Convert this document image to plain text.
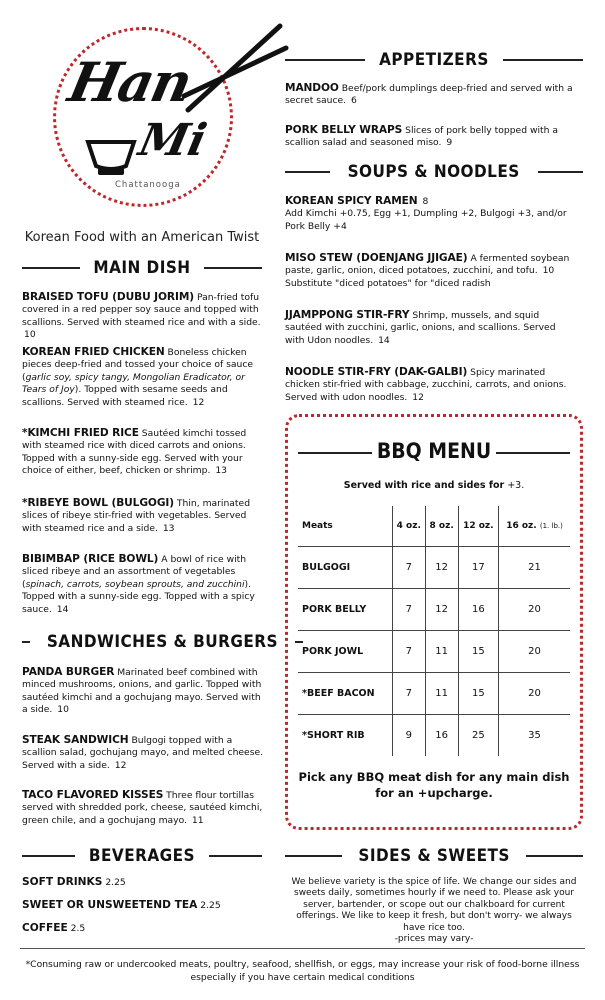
Han
Mi
Chattanooga
Korean Food with an American Twist
MAIN DISH
BRAISED TOFU (DUBU JORIM) Pan-fried tofu covered in a red pepper soy sauce and topped with scallions. Served with steamed rice and with a side. 10
KOREAN FRIED CHICKEN Boneless chicken pieces deep-fried and tossed your choice of sauce (garlic soy, spicy tangy, Mongolian Eradicator, or Tears of Joy). Topped with sesame seeds and scallions. Served with steamed rice. 12
*KIMCHI FRIED RICE Sautéed kimchi tossed with steamed rice with diced carrots and onions. Topped with a sunny-side egg. Served with your choice of either, beef, chicken or shrimp. 13
*RIBEYE BOWL (BULGOGI) Thin, marinated slices of ribeye stir-fried with vegetables. Served with steamed rice and a side. 13
BIBIMBAP (RICE BOWL) A bowl of rice with sliced ribeye and an assortment of vegetables (spinach, carrots, soybean sprouts, and zucchini). Topped with a sunny-side egg. Topped with a spicy sauce. 14
SANDWICHES & BURGERS
PANDA BURGER Marinated beef combined with minced mushrooms, onions, and garlic. Topped with sautéed kimchi and a gochujang mayo. Served with a side. 10
STEAK SANDWICH Bulgogi topped with a scallion salad, gochujang mayo, and melted cheese. Served with a side. 12
TACO FLAVORED KISSES Three flour tortillas served with shredded pork, cheese, sautéed kimchi, green chile, and a gochujang mayo. 11
BEVERAGES
SOFT DRINKS 2.25
SWEET OR UNSWEETEND TEA 2.25
COFFEE 2.5
APPETIZERS
MANDOO Beef/pork dumplings deep-fried and served with a secret sauce. 6
PORK BELLY WRAPS Slices of pork belly topped with a scallion salad and seasoned miso. 9
SOUPS & NOODLES
KOREAN SPICY RAMEN 8
Add Kimchi +0.75, Egg +1, Dumpling +2, Bulgogi +3, and/or Pork Belly +4
MISO STEW (DOENJANG JJIGAE) A fermented soybean paste, garlic, onion, diced potatoes, zucchini, and tofu. 10
Substitute "diced potatoes" for "diced radish
JJAMPPONG STIR-FRY Shrimp, mussels, and squid sautéed with zucchini, garlic, onions, and scallions. Served with Udon noodles. 14
NOODLE STIR-FRY (DAK-GALBI) Spicy marinated chicken stir-fried with cabbage, zucchini, carrots, and onions. Served with udon noodles. 12
BBQ MENU
Served with rice and sides for +3.
Meats	4 oz.	8 oz.	12 oz.	16 oz. (1. lb.)
BULGOGI	7	12	17	21
PORK BELLY	7	12	16	20
PORK JOWL	7	11	15	20
*BEEF BACON	7	11	15	20
*SHORT RIB	9	16	25	35
Pick any BBQ meat dish for any main dish for an +upcharge.
SIDES & SWEETS
We believe variety is the spice of life. We change our sides and sweets daily, sometimes hourly if we need to. Please ask your server, bartender, or scope out our chalkboard for current offerings. We like to keep it fresh, but don't worry- we always have rice too.
-prices may vary-
*Consuming raw or undercooked meats, poultry, seafood, shellfish, or eggs, may increase your risk of food-borne illness especially if you have certain medical conditions
